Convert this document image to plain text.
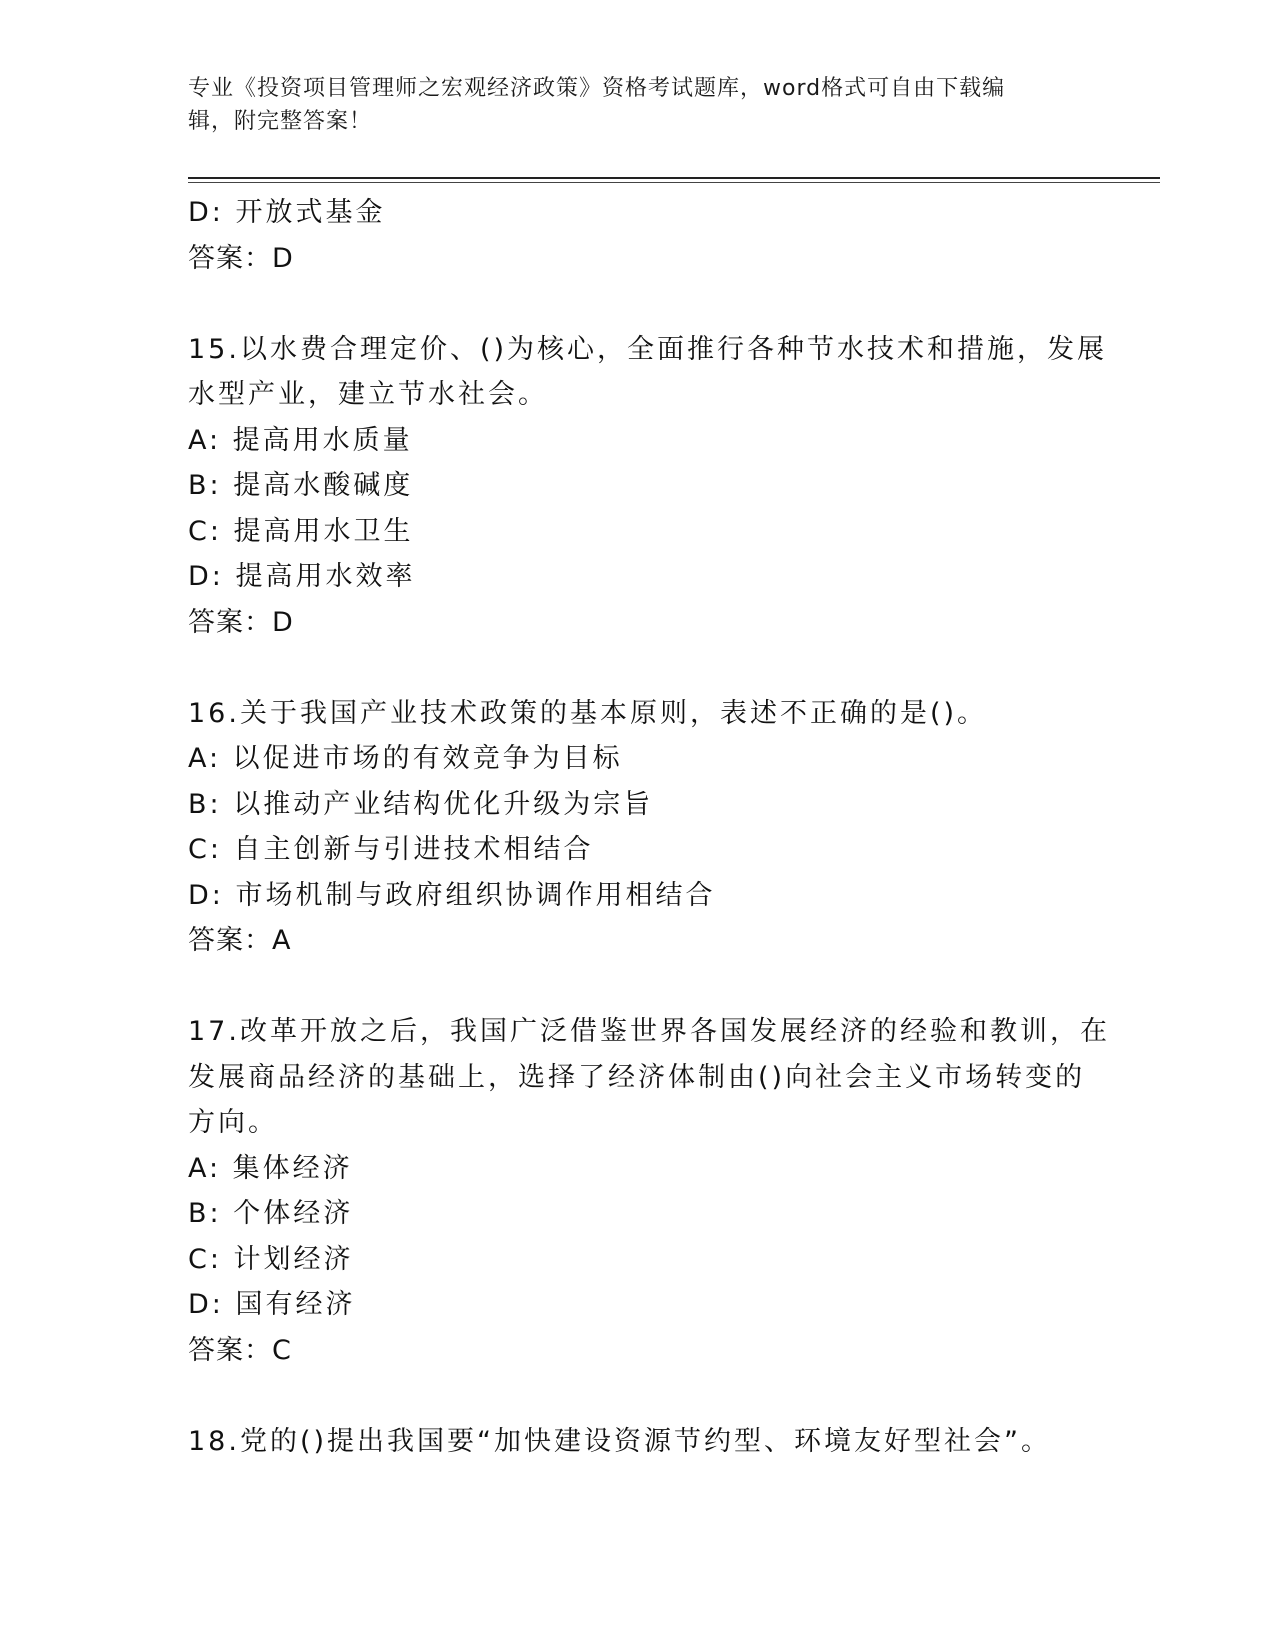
专业《投资项目管理师之宏观经济政策》资格考试题库，word格式可自由下载编
辑，附完整答案！
D: 开放式基金
答案：D
15.以水费合理定价、()为核心，全面推行各种节水技术和措施，发展
水型产业，建立节水社会。
A: 提高用水质量
B: 提高水酸碱度
C: 提高用水卫生
D: 提高用水效率
答案：D
16.关于我国产业技术政策的基本原则，表述不正确的是()。
A: 以促进市场的有效竞争为目标
B: 以推动产业结构优化升级为宗旨
C: 自主创新与引进技术相结合
D: 市场机制与政府组织协调作用相结合
答案：A
17.改革开放之后，我国广泛借鉴世界各国发展经济的经验和教训，在
发展商品经济的基础上，选择了经济体制由()向社会主义市场转变的
方向。
A: 集体经济
B: 个体经济
C: 计划经济
D: 国有经济
答案：C
18.党的()提出我国要“加快建设资源节约型、环境友好型社会”。
